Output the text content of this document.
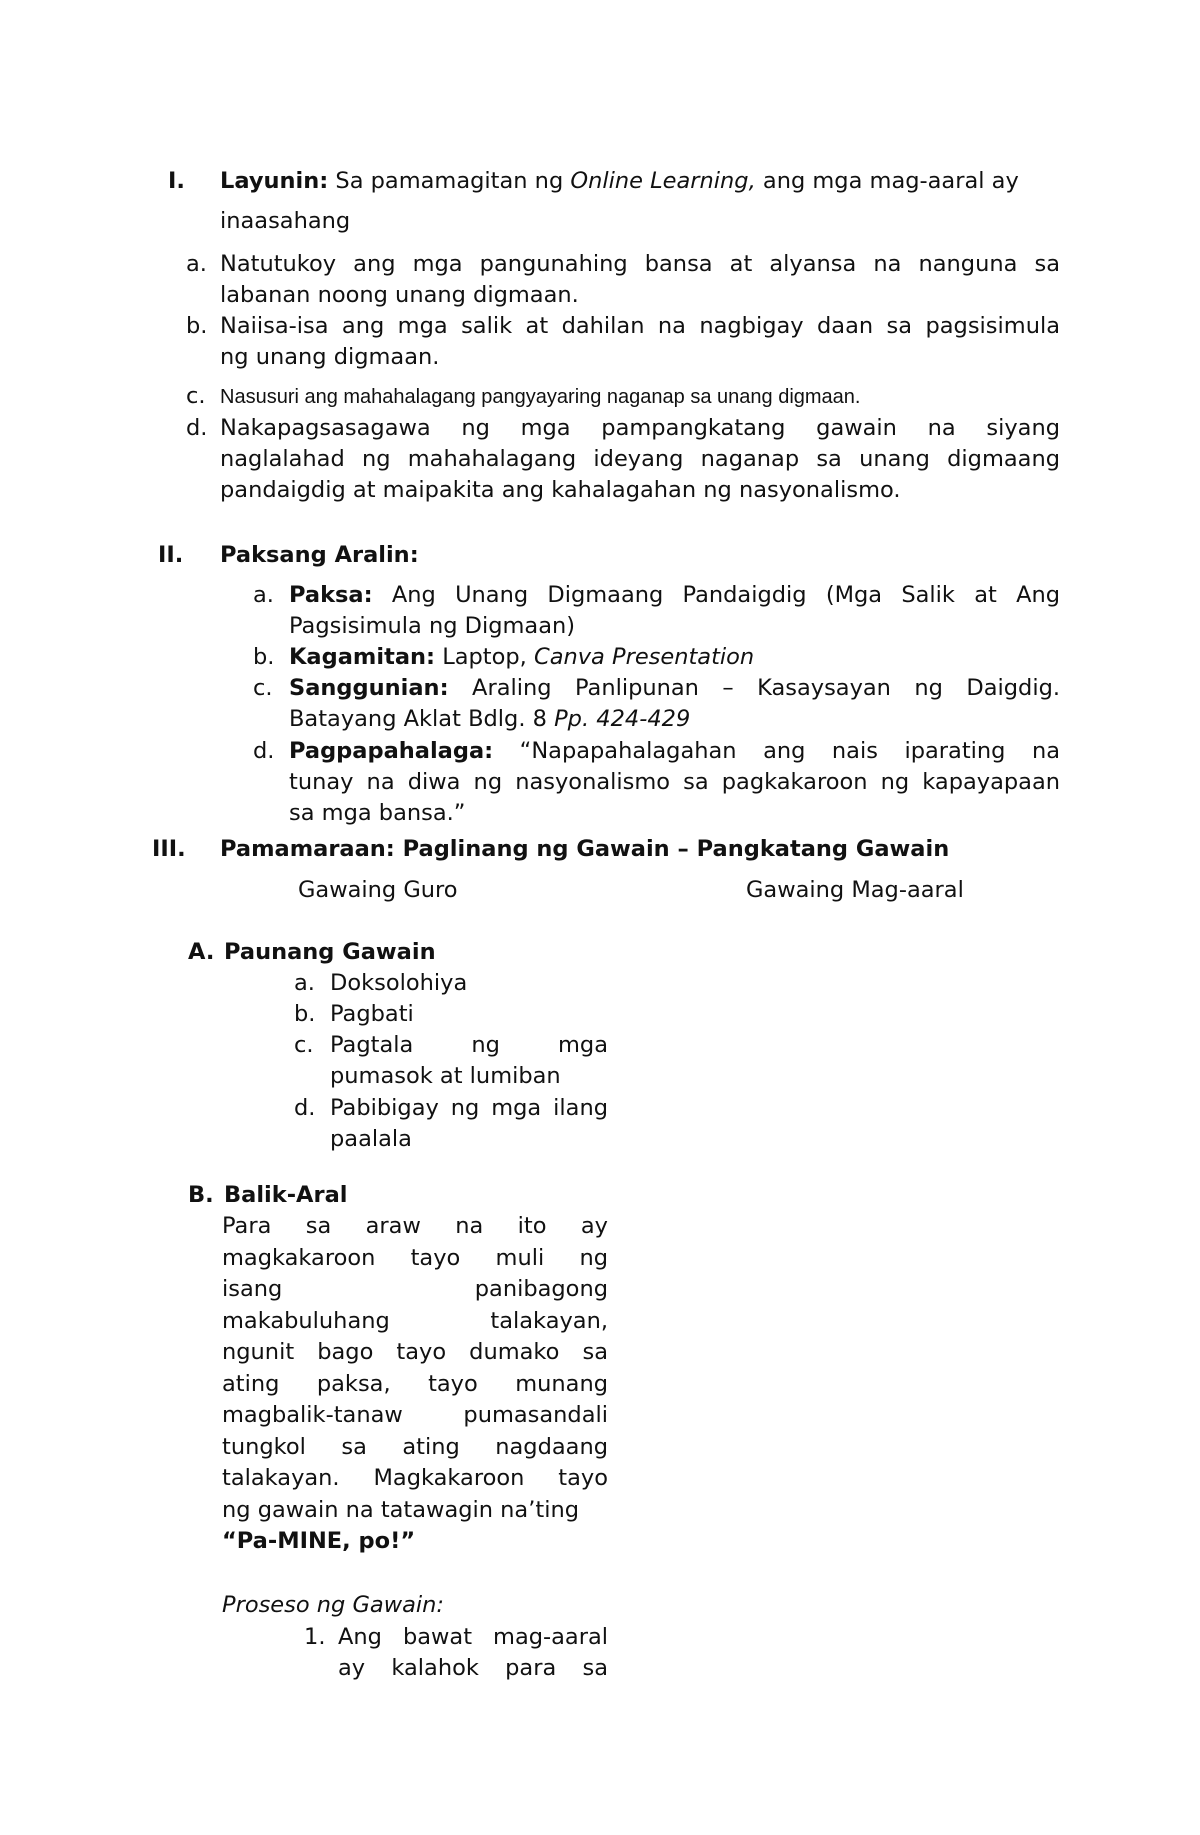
I. Layunin: Sa pamamagitan ng Online Learning, ang mga mag-aaral ay
inaasahang
a. Natutukoy ang mga pangunahing bansa at alyansa na nanguna sa
labanan noong unang digmaan.
b. Naiisa-isa ang mga salik at dahilan na nagbigay daan sa pagsisimula
ng unang digmaan.
c. Nasusuri ang mahahalagang pangyayaring naganap sa unang digmaan.
d. Nakapagsasagawa ng mga pampangkatang gawain na siyang
naglalahad ng mahahalagang ideyang naganap sa unang digmaang
pandaigdig at maipakita ang kahalagahan ng nasyonalismo.
II. Paksang Aralin:
a. Paksa: Ang Unang Digmaang Pandaigdig (Mga Salik at Ang
Pagsisimula ng Digmaan)
b. Kagamitan: Laptop, Canva Presentation
c. Sanggunian: Araling Panlipunan – Kasaysayan ng Daigdig.
Batayang Aklat Bdlg. 8 Pp. 424-429
d. Pagpapahalaga: “Napapahalagahan ang nais iparating na
tunay na diwa ng nasyonalismo sa pagkakaroon ng kapayapaan
sa mga bansa.”
III. Pamamaraan: Paglinang ng Gawain – Pangkatang Gawain
Gawaing Guro	Gawaing Mag-aaral
A. Paunang Gawain
a. Doksolohiya
b. Pagbati
c. Pagtala ng mga
pumasok at lumiban
d. Pabibigay ng mga ilang
paalala
B. Balik-Aral
Para sa araw na ito ay
magkakaroon tayo muli ng
isang panibagong
makabuluhang talakayan,
ngunit bago tayo dumako sa
ating paksa, tayo munang
magbalik-tanaw pumasandali
tungkol sa ating nagdaang
talakayan. Magkakaroon tayo
ng gawain na tatawagin na’ting
“Pa-MINE, po!”
Proseso ng Gawain:
1. Ang bawat mag-aaral
ay kalahok para sa
